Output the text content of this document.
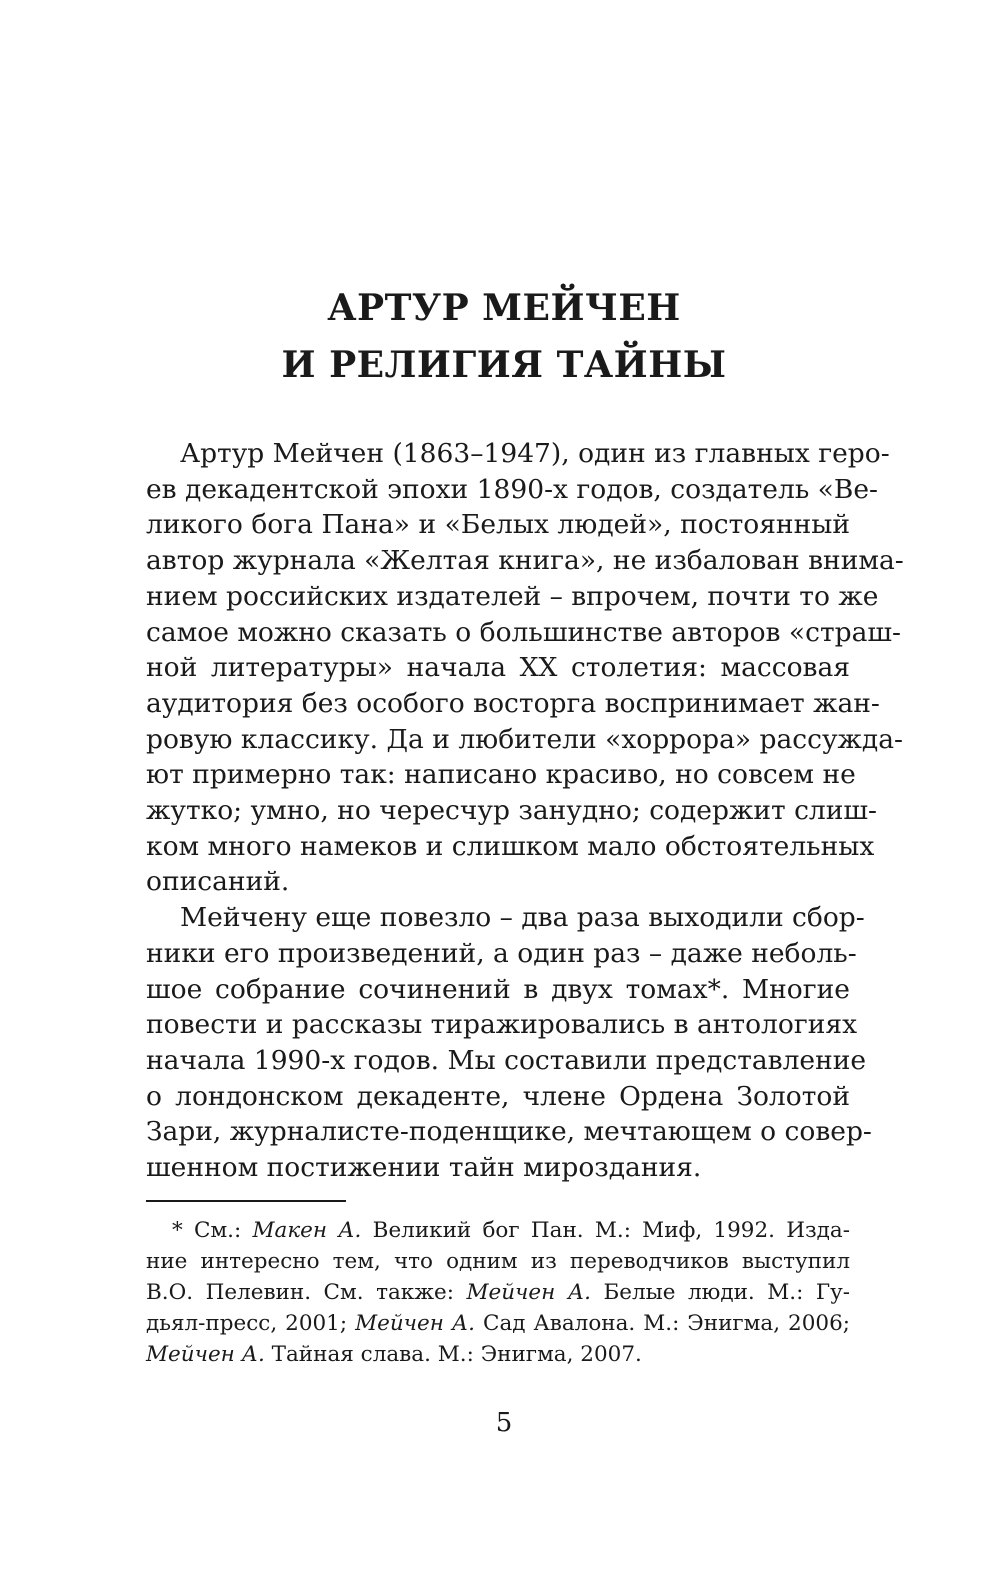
АРТУР МЕЙЧЕН
И РЕЛИГИЯ ТАЙНЫ
Артур Мейчен (1863–1947), один из главных геро-
ев декадентской эпохи 1890-х годов, создатель «Ве-
ликого бога Пана» и «Белых людей», постоянный
автор журнала «Желтая книга», не избалован внима-
нием российских издателей – впрочем, почти то же
самое можно сказать о большинстве авторов «страш-
ной литературы» начала XX столетия: массовая
аудитория без особого восторга воспринимает жан-
ровую классику. Да и любители «хоррора» рассужда-
ют примерно так: написано красиво, но совсем не
жутко; умно, но чересчур занудно; содержит слиш-
ком много намеков и слишком мало обстоятельных
описаний.
Мейчену еще повезло – два раза выходили сбор-
ники его произведений, а один раз – даже неболь-
шое собрание сочинений в двух томах*. Многие
повести и рассказы тиражировались в антологиях
начала 1990-х годов. Мы составили представление
* См.: Макен А. Великий бог Пан. М.: Миф, 1992. Изда-
ние интересно тем, что одним из переводчиков выступил
В.О. Пелевин. См. также: Мейчен А. Белые люди. М.: Гу-
дьял-пресс, 2001; Мейчен А. Сад Авалона. М.: Энигма, 2006;
Мейчен А. Тайная слава. М.: Энигма, 2007.
5
о лондонском декаденте, члене Ордена Золотой
Зари, журналисте-поденщике, мечтающем о совер-
шенном постижении тайн мироздания.
